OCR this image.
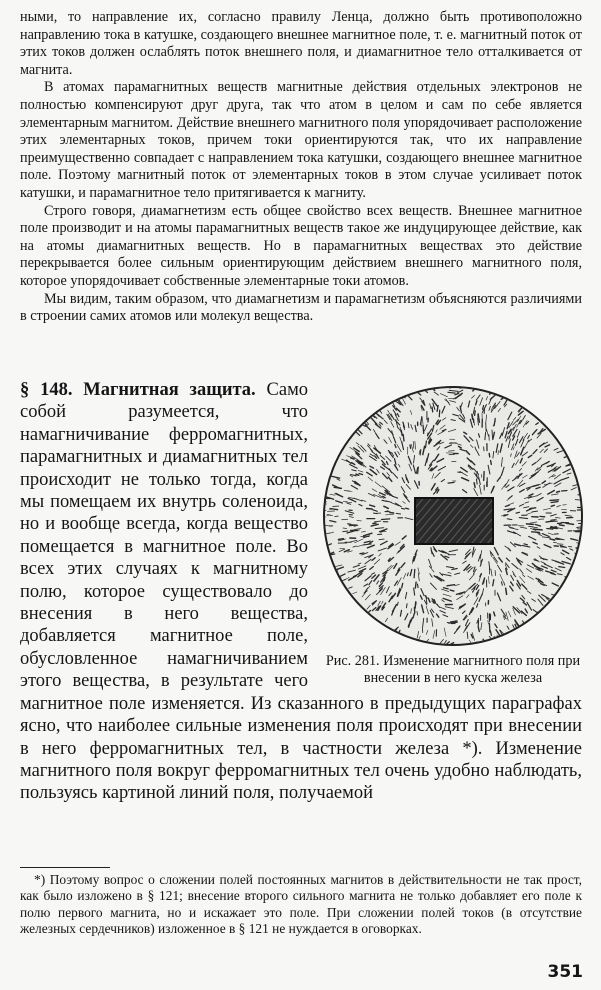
ными, то направление их, согласно правилу Ленца, должно быть противоположно направлению тока в катушке, создающего внешнее магнитное поле, т. е. магнитный поток от этих токов должен ослаблять поток внешнего поля, и диамагнитное тело отталкивается от магнита.

В атомах парамагнитных веществ магнитные действия отдельных электронов не полностью компенсируют друг друга, так что атом в целом и сам по себе является элементарным магнитом. Действие внешнего магнитного поля упорядочивает расположение этих элементарных токов, причем токи ориентируются так, что их направление преимущественно совпадает с направлением тока катушки, создающего внешнее магнитное поле. Поэтому магнитный поток от элементарных токов в этом случае усиливает поток катушки, и парамагнитное тело притягивается к магниту.

Строго говоря, диамагнетизм есть общее свойство всех веществ. Внешнее магнитное поле производит и на атомы парамагнитных веществ такое же индуцирующее действие, как на атомы диамагнитных веществ. Но в парамагнитных веществах это действие перекрывается более сильным ориентирующим действием внешнего магнитного поля, которое упорядочивает собственные элементарные токи атомов.

Мы видим, таким образом, что диамагнетизм и парамагнетизм объясняются различиями в строении самих атомов или молекул вещества.

Рис. 281. Изменение магнитного поля при внесении в него куска железа

§ 148. Магнитная защита. Само собой разумеется, что намагничивание ферромагнитных, парамагнитных и диамагнитных тел происходит не только тогда, когда мы помещаем их внутрь соленоида, но и вообще всегда, когда вещество помещается в магнитное поле. Во всех этих случаях к магнитному полю, которое существовало до внесения в него вещества, добавляется магнитное поле, обусловленное намагничиванием этого вещества, в результате чего магнитное поле изменяется. Из сказанного в предыдущих параграфах ясно, что наиболее сильные изменения поля происходят при внесении в него ферромагнитных тел, в частности железа *). Изменение магнитного поля вокруг ферромагнитных тел очень удобно наблюдать, пользуясь картиной линий поля, получаемой

*) Поэтому вопрос о сложении полей постоянных магнитов в действительности не так прост, как было изложено в § 121; внесение второго сильного магнита не только добавляет его поле к полю первого магнита, но и искажает это поле. При сложении полей токов (в отсутствие железных сердечников) изложенное в § 121 не нуждается в оговорках.

351
